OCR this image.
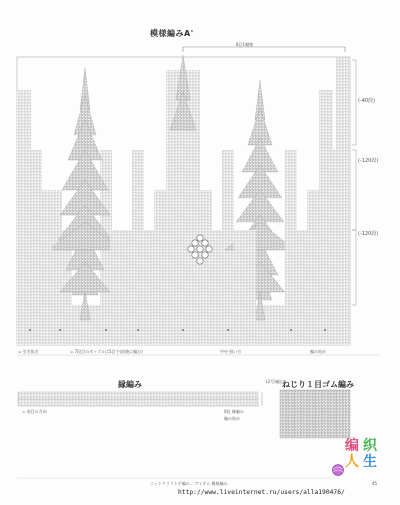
模様編みA'
8目1模様
(-40段)
(-120段)
(-120段)
= 引き抜き	= 7段目のボッブルは5目で(前後に編む)	中央 拾い方	編み始め
縁編み	(2号)編む
= 表目の方向	0段 縁編み
編み始め
ねじり１目ゴム編み
ニットクラフト手編み... アイテム 模様編み	45
http://www.liveinternet.ru/users/alla190476/
编 织
人 生
